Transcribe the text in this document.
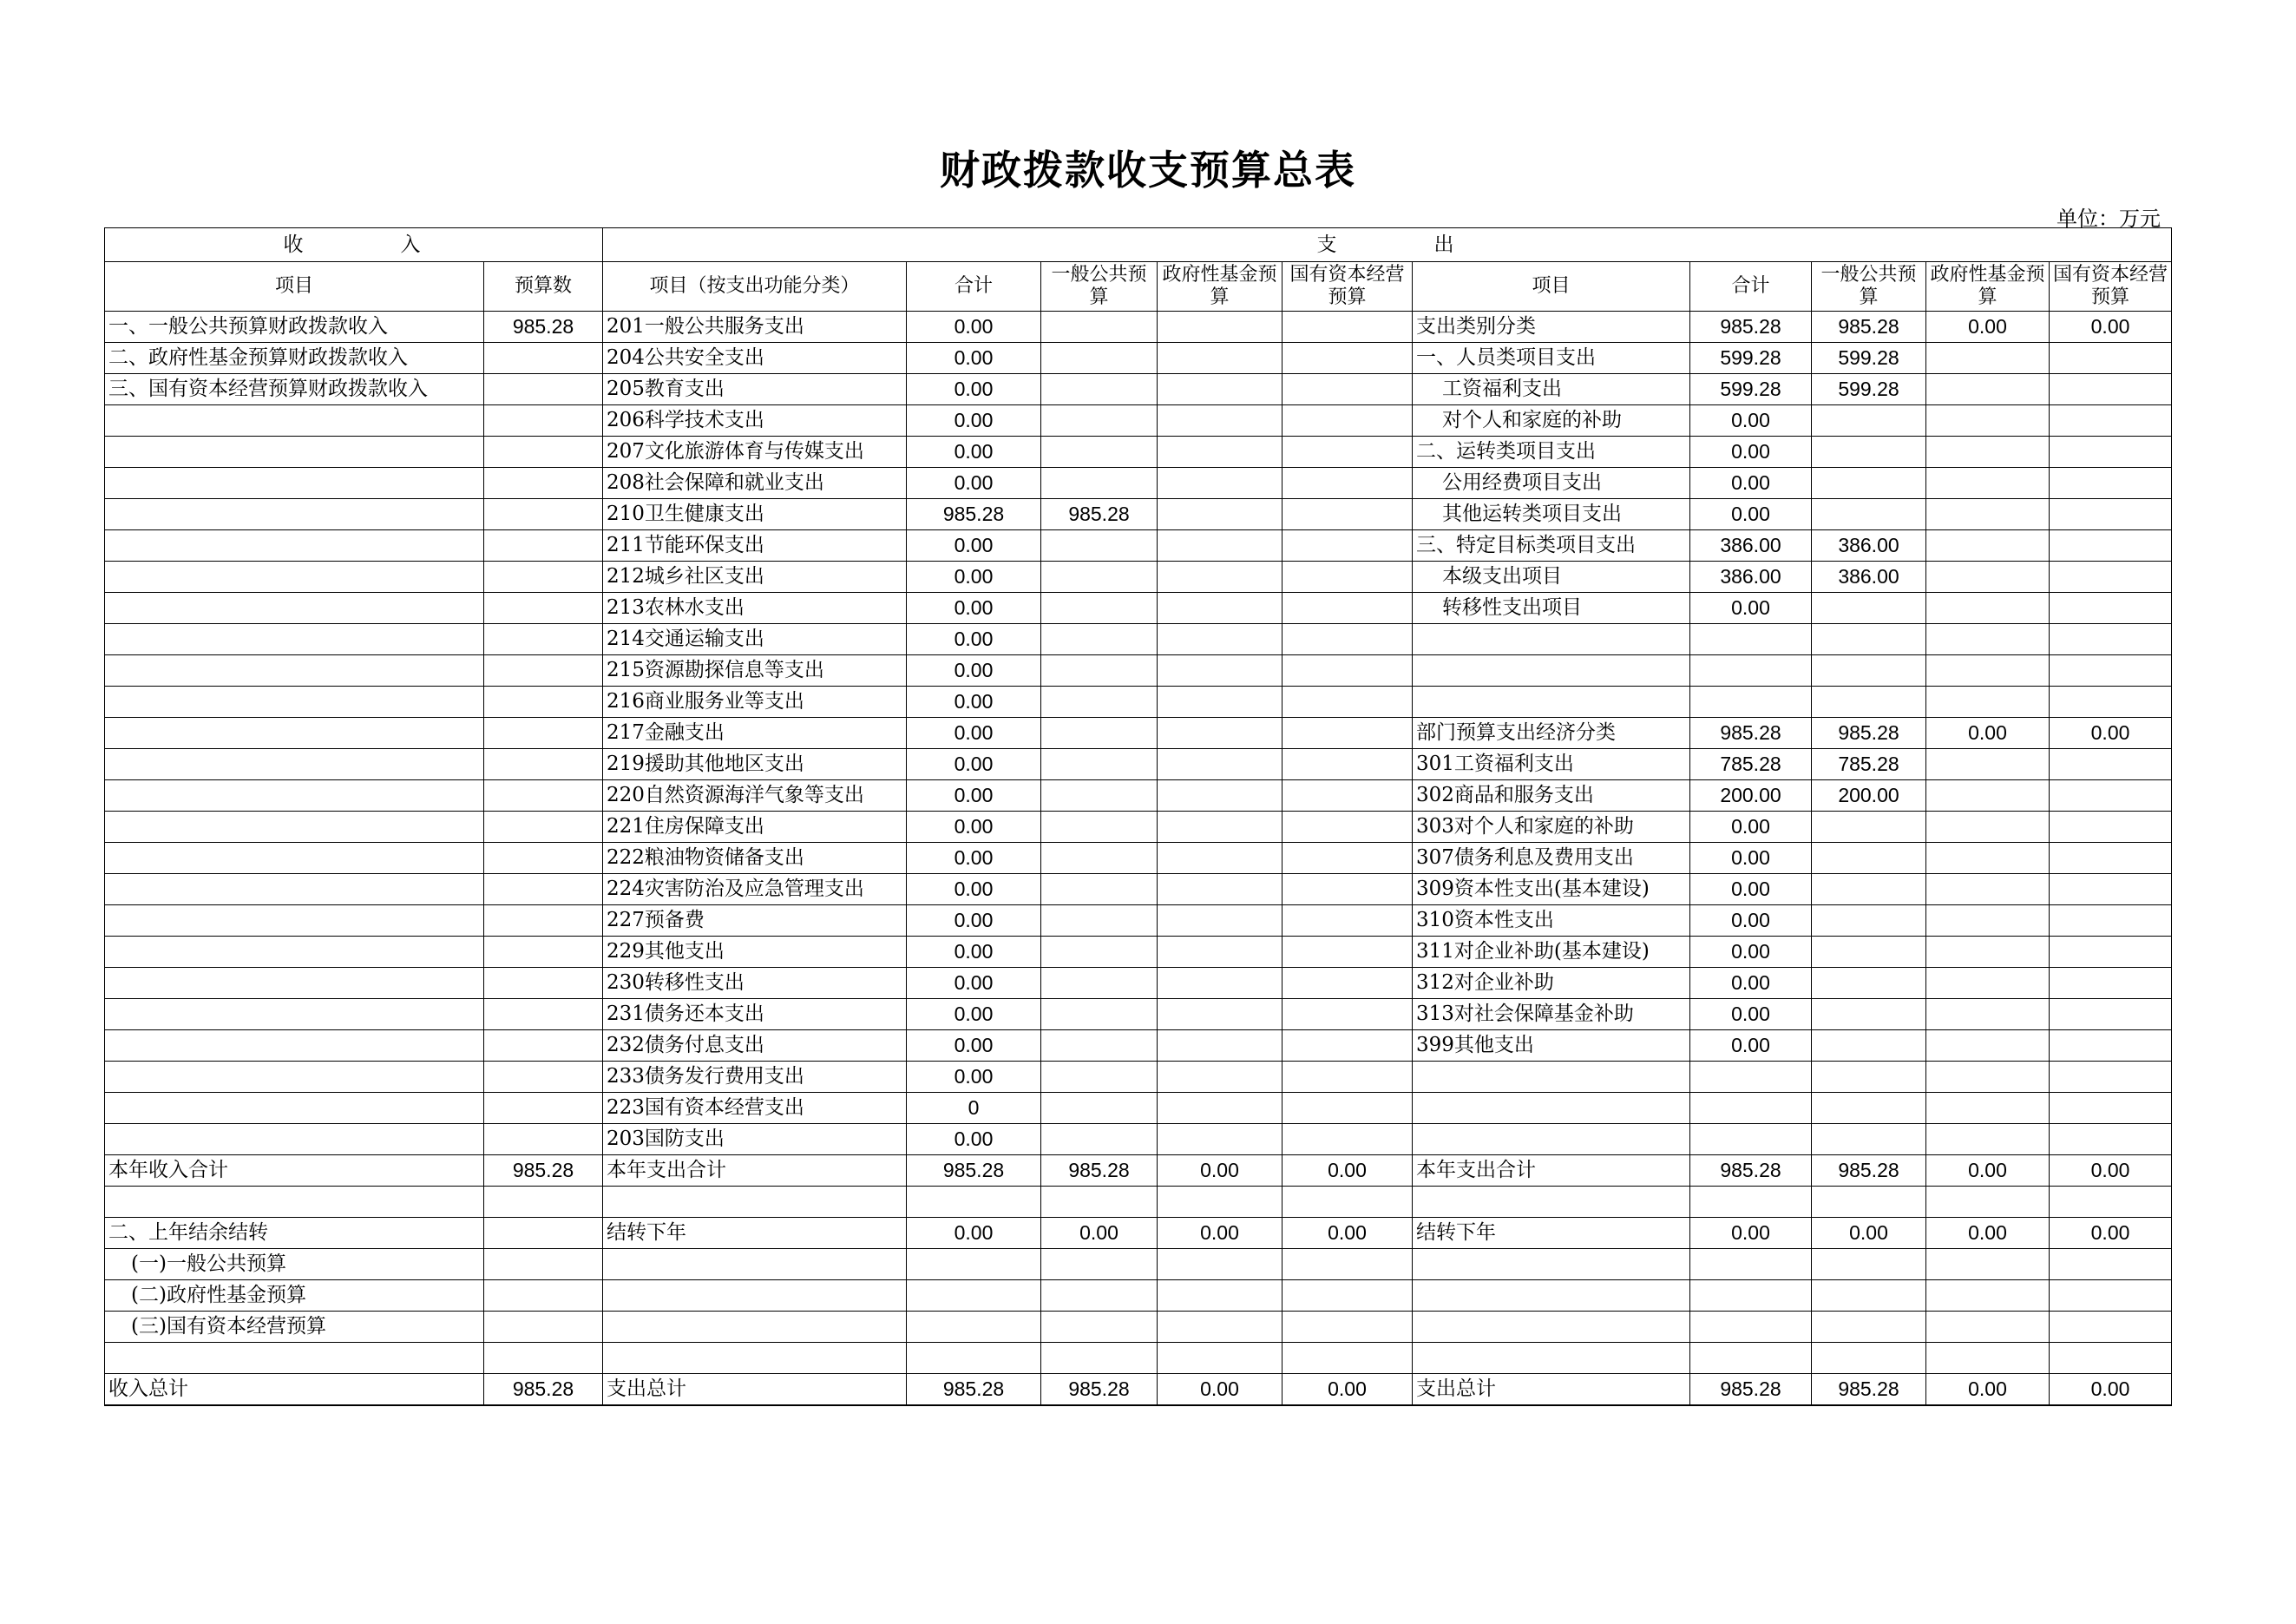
财政拨款收支预算总表
单位：万元
收　　　　入		支　　　　出									
项目	预算数	项目（按支出功能分类）	合计	一般公共预算	政府性基金预算	国有资本经营预算	项目	合计	一般公共预算	政府性基金预算	国有资本经营预算
一、一般公共预算财政拨款收入	985.28	201一般公共服务支出	0.00				支出类别分类	985.28	985.28	0.00	0.00
二、政府性基金预算财政拨款收入		204公共安全支出	0.00				一、人员类项目支出	599.28	599.28		
三、国有资本经营预算财政拨款收入		205教育支出	0.00				工资福利支出	599.28	599.28		
		206科学技术支出	0.00				对个人和家庭的补助	0.00			
		207文化旅游体育与传媒支出	0.00				二、运转类项目支出	0.00			
		208社会保障和就业支出	0.00				公用经费项目支出	0.00			
		210卫生健康支出	985.28	985.28			其他运转类项目支出	0.00			
		211节能环保支出	0.00				三、特定目标类项目支出	386.00	386.00		
		212城乡社区支出	0.00				本级支出项目	386.00	386.00		
		213农林水支出	0.00				转移性支出项目	0.00			
		214交通运输支出	0.00								
		215资源勘探信息等支出	0.00								
		216商业服务业等支出	0.00								
		217金融支出	0.00				部门预算支出经济分类	985.28	985.28	0.00	0.00
		219援助其他地区支出	0.00				301工资福利支出	785.28	785.28		
		220自然资源海洋气象等支出	0.00				302商品和服务支出	200.00	200.00		
		221住房保障支出	0.00				303对个人和家庭的补助	0.00			
		222粮油物资储备支出	0.00				307债务利息及费用支出	0.00			
		224灾害防治及应急管理支出	0.00				309资本性支出(基本建设)	0.00			
		227预备费	0.00				310资本性支出	0.00			
		229其他支出	0.00				311对企业补助(基本建设)	0.00			
		230转移性支出	0.00				312对企业补助	0.00			
		231债务还本支出	0.00				313对社会保障基金补助	0.00			
		232债务付息支出	0.00				399其他支出	0.00			
		233债务发行费用支出	0.00								
		223国有资本经营支出	0								
		203国防支出	0.00								
本年收入合计	985.28	本年支出合计	985.28	985.28	0.00	0.00	本年支出合计	985.28	985.28	0.00	0.00

二、上年结余结转		结转下年	0.00	0.00	0.00	0.00	结转下年	0.00	0.00	0.00	0.00
(一)一般公共预算											
(二)政府性基金预算											
(三)国有资本经营预算											

收入总计	985.28	支出总计	985.28	985.28	0.00	0.00	支出总计	985.28	985.28	0.00	0.00
